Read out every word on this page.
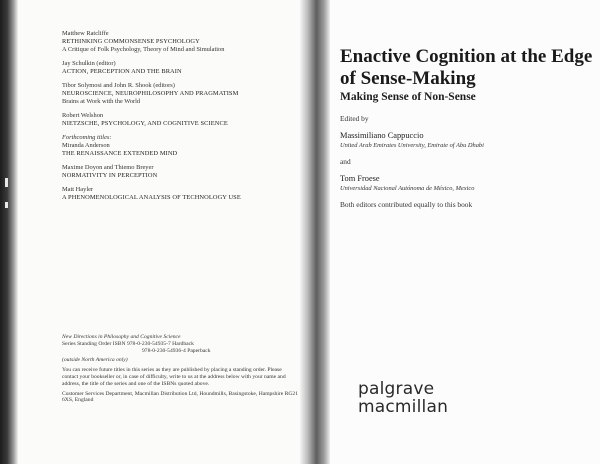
Matthew Ratcliffe
RETHINKING COMMONSENSE PSYCHOLOGY
A Critique of Folk Psychology, Theory of Mind and Simulation
Jay Schulkin (editor)
ACTION, PERCEPTION AND THE BRAIN
Tibor Solymosi and John R. Shook (editors)
NEUROSCIENCE, NEUROPHILOSOPHY AND PRAGMATISM
Brains at Work with the World
Robert Welshon
NIETZSCHE, PSYCHOLOGY, AND COGNITIVE SCIENCE
Forthcoming titles:
Miranda Anderson
THE RENAISSANCE EXTENDED MIND
Maxime Doyon and Thiemo Breyer
NORMATIVITY IN PERCEPTION
Matt Hayler
A PHENOMENOLOGICAL ANALYSIS OF TECHNOLOGY USE

New Directions in Philosophy and Cognitive Science

Series Standing Order ISBN 978-0-230-54935-7 Hardback

978-0-230-54936-4 Paperback

(outside North America only)

You can receive future titles in this series as they are published by placing a standing order. Please contact your bookseller or, in case of difficulty, write to us at the address below with your name and address, the title of the series and one of the ISBNs quoted above.

Customer Services Department, Macmillan Distribution Ltd, Houndmills, Basingstoke, Hampshire RG21 6XS, England

Enactive Cognition at the Edge of Sense-Making
Making Sense of Non-Sense
Edited by
Massimiliano Cappuccio
United Arab Emirates University, Emirate of Abu Dhabi
and
Tom Froese
Universidad Nacional Autónoma de México, Mexico
Both editors contributed equally to this book
palgrave
macmillan
